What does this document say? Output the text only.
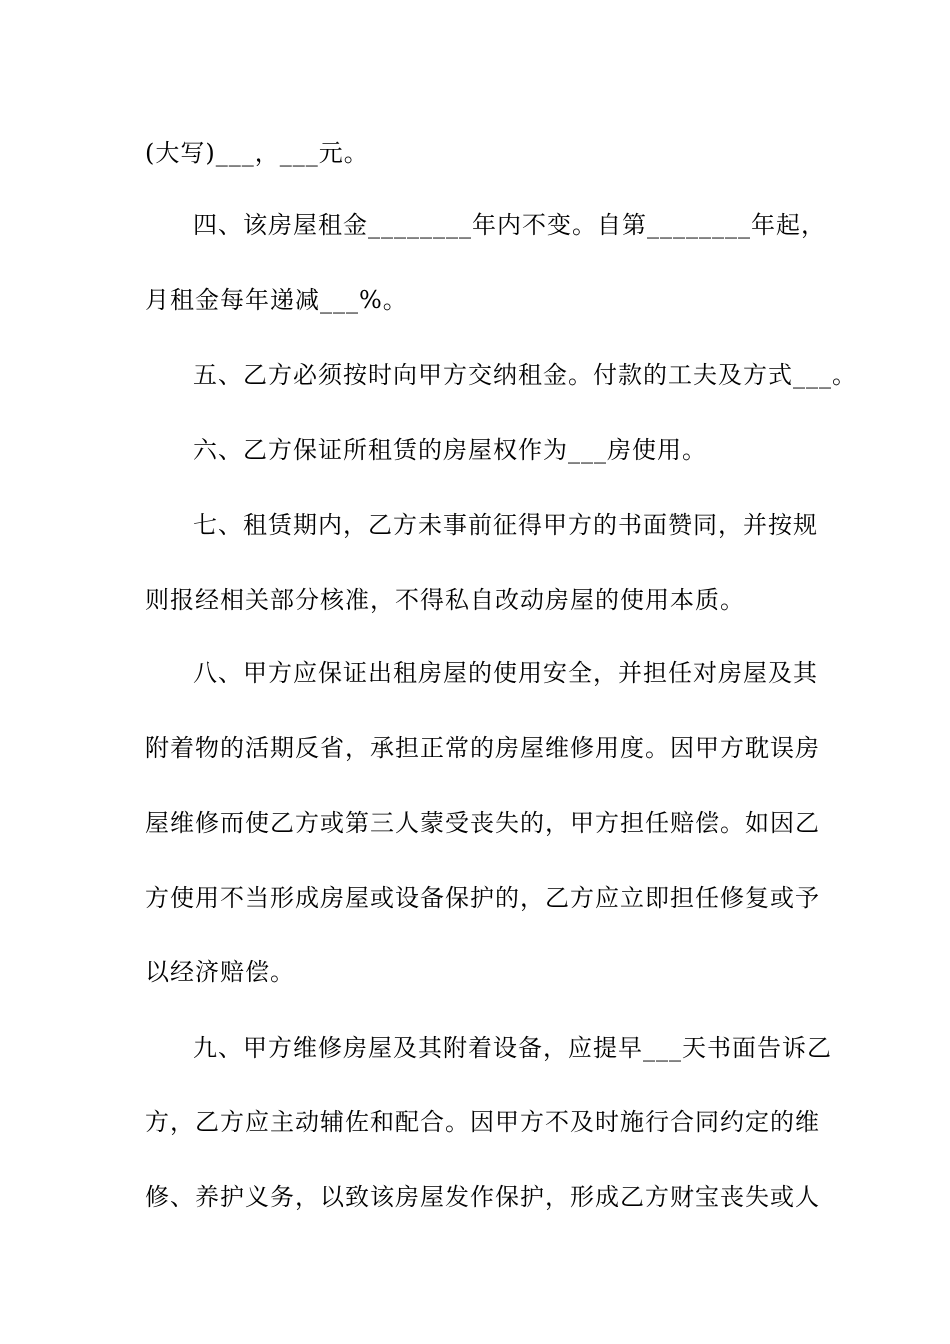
(大写)___，___元。
四、该房屋租金________年内不变。自第________年起，
月租金每年递减___%。
五、乙方必须按时向甲方交纳租金。付款的工夫及方式___。
六、乙方保证所租赁的房屋权作为___房使用。
七、租赁期内，乙方未事前征得甲方的书面赞同，并按规
则报经相关部分核准，不得私自改动房屋的使用本质。
八、甲方应保证出租房屋的使用安全，并担任对房屋及其
附着物的活期反省，承担正常的房屋维修用度。因甲方耽误房
屋维修而使乙方或第三人蒙受丧失的，甲方担任赔偿。如因乙
方使用不当形成房屋或设备保护的，乙方应立即担任修复或予
以经济赔偿。
九、甲方维修房屋及其附着设备，应提早___天书面告诉乙
方，乙方应主动辅佐和配合。因甲方不及时施行合同约定的维
修、养护义务，以致该房屋发作保护，形成乙方财宝丧失或人
